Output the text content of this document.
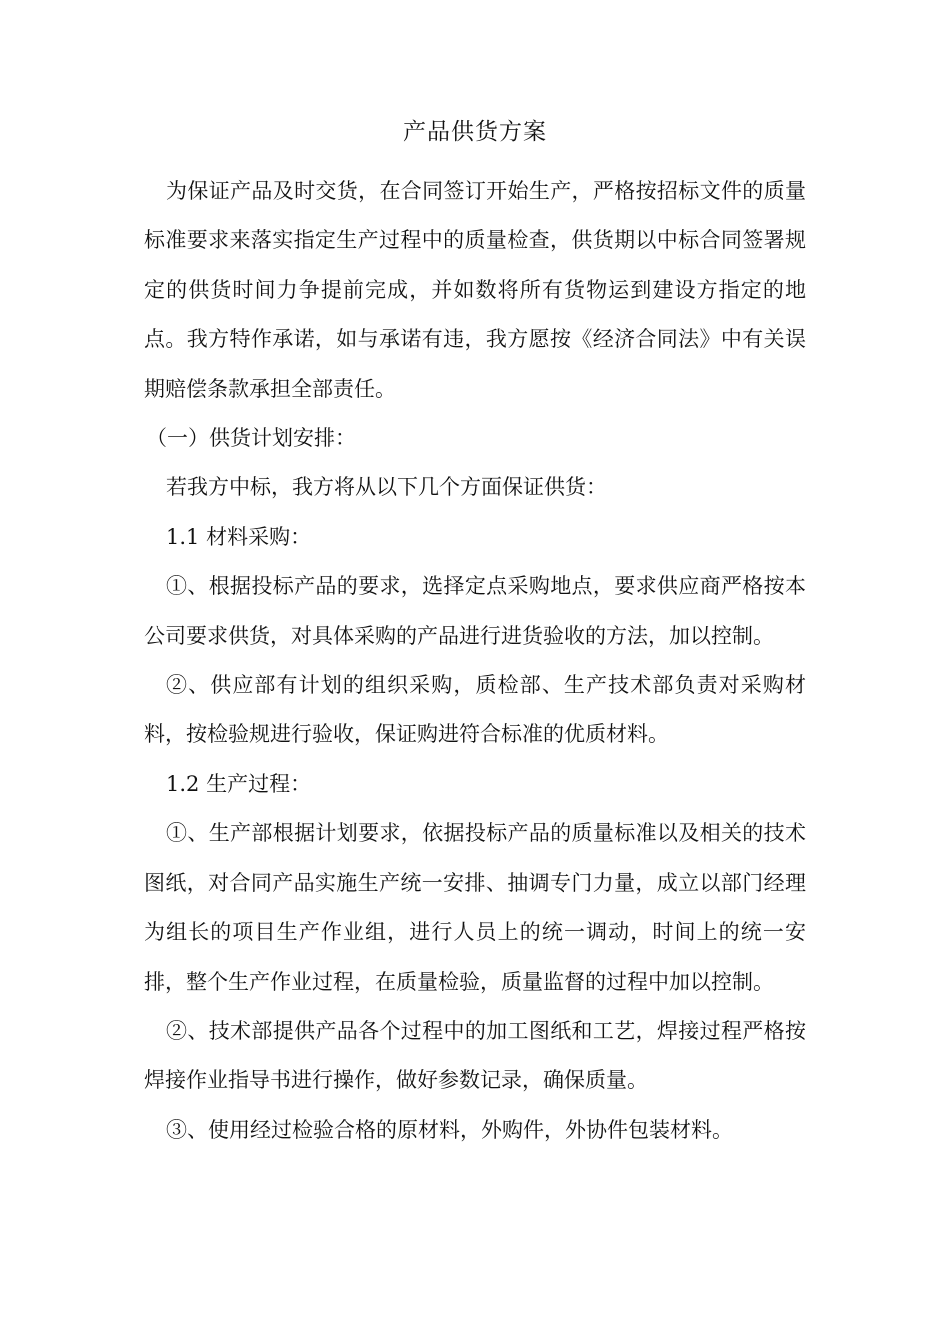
产品供货方案

为保证产品及时交货，在合同签订开始生产，严格按招标文件的质量标准要求来落实指定生产过程中的质量检查，供货期以中标合同签署规定的供货时间力争提前完成，并如数将所有货物运到建设方指定的地点。我方特作承诺，如与承诺有违，我方愿按《经济合同法》中有关误期赔偿条款承担全部责任。

（一）供货计划安排：

若我方中标，我方将从以下几个方面保证供货：

1.1 材料采购：

①、根据投标产品的要求，选择定点采购地点，要求供应商严格按本公司要求供货，对具体采购的产品进行进货验收的方法，加以控制。

②、供应部有计划的组织采购，质检部、生产技术部负责对采购材料，按检验规进行验收，保证购进符合标准的优质材料。

1.2 生产过程：

①、生产部根据计划要求，依据投标产品的质量标准以及相关的技术图纸，对合同产品实施生产统一安排、抽调专门力量，成立以部门经理为组长的项目生产作业组，进行人员上的统一调动，时间上的统一安排，整个生产作业过程，在质量检验，质量监督的过程中加以控制。

②、技术部提供产品各个过程中的加工图纸和工艺，焊接过程严格按焊接作业指导书进行操作，做好参数记录，确保质量。

③、使用经过检验合格的原材料，外购件，外协件包装材料。
